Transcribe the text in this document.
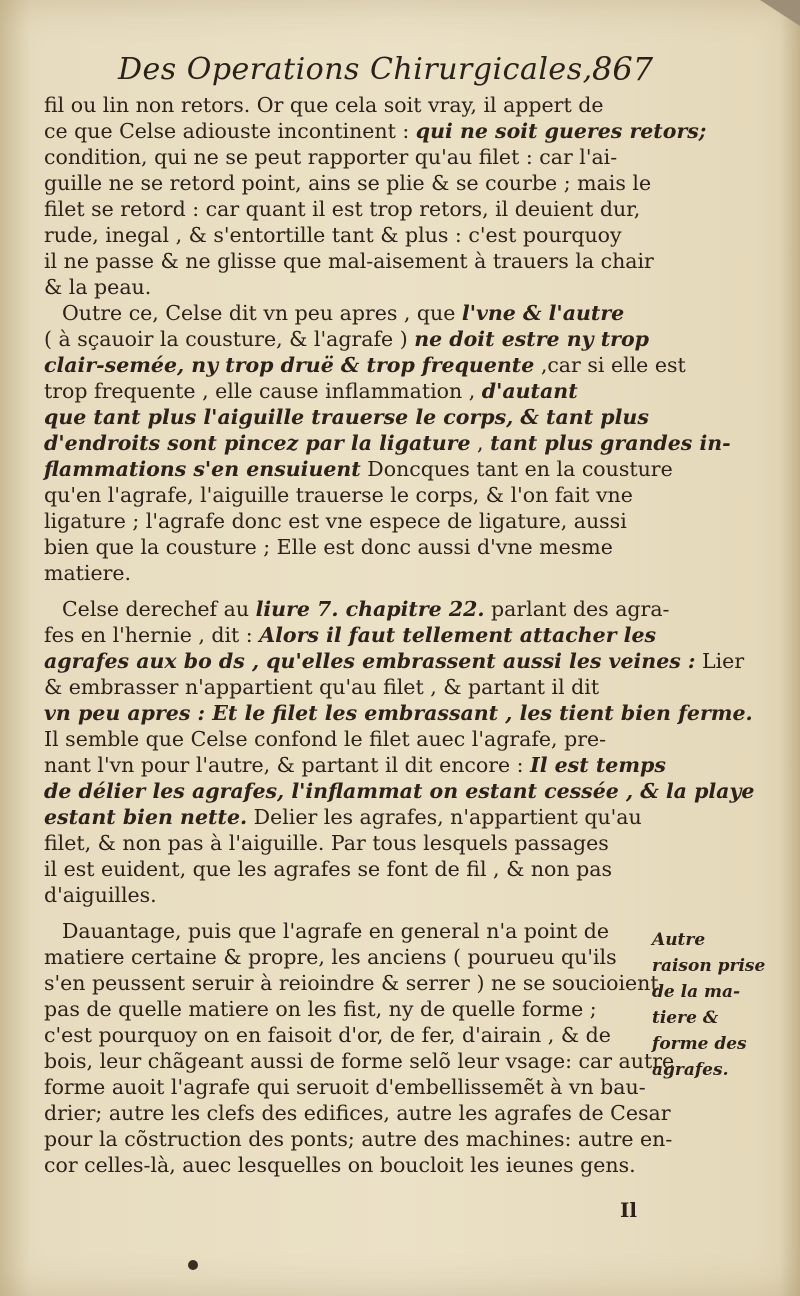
Des Operations Chirurgicales, 867
fil ou lin non retors. Or que cela soit vray, il appert de
ce que Celse adiouste incontinent : qui ne soit gueres retors;
condition, qui ne se peut rapporter qu'au filet : car l'ai-
guille ne se retord point, ains se plie & se courbe ; mais le
filet se retord : car quant il est trop retors, il deuient dur,
rude, inegal , & s'entortille tant & plus : c'est pourquoy
il ne passe & ne glisse que mal-aisement à trauers la chair
& la peau.
Outre ce, Celse dit vn peu apres , que l'vne & l'autre
( à sçauoir la cousture, & l'agrafe ) ne doit estre ny trop
clair-semée, ny trop druë & trop frequente ,car si elle est
trop frequente , elle cause inflammation , d'autant
que tant plus l'aiguille trauerse le corps, & tant plus
d'endroits sont pincez par la ligature , tant plus grandes in-
flammations s'en ensuiuent Doncques tant en la cousture
qu'en l'agrafe, l'aiguille trauerse le corps, & l'on fait vne
ligature ; l'agrafe donc est vne espece de ligature, aussi
bien que la cousture ; Elle est donc aussi d'vne mesme
matiere.
Celse derechef au liure 7. chapitre 22. parlant des agra-
fes en l'hernie , dit : Alors il faut tellement attacher les
agrafes aux bo ds , qu'elles embrassent aussi les veines : Lier
& embrasser n'appartient qu'au filet , & partant il dit
vn peu apres : Et le filet les embrassant , les tient bien ferme.
Il semble que Celse confond le filet auec l'agrafe, pre-
nant l'vn pour l'autre, & partant il dit encore : Il est temps
de délier les agrafes, l'inflammat on estant cessée , & la playe
estant bien nette. Delier les agrafes, n'appartient qu'au
filet, & non pas à l'aiguille. Par tous lesquels passages
il est euident, que les agrafes se font de fil , & non pas
d'aiguilles.
Dauantage, puis que l'agrafe en general n'a point de
matiere certaine & propre, les anciens ( pourueu qu'ils
s'en peussent seruir à reioindre & serrer ) ne se soucioient
pas de quelle matiere on les fist, ny de quelle forme ;
c'est pourquoy on en faisoit d'or, de fer, d'airain , & de
bois, leur chãgeant aussi de forme selõ leur vsage: car autre
forme auoit l'agrafe qui seruoit d'embellissemẽt à vn bau-
drier; autre les clefs des edifices, autre les agrafes de Cesar
pour la cõstruction des ponts; autre des machines: autre en-
cor celles-là, auec lesquelles on boucloit les ieunes gens.
Autre
raison prise
de la ma-
tiere &
forme des
agrafes.
Il
